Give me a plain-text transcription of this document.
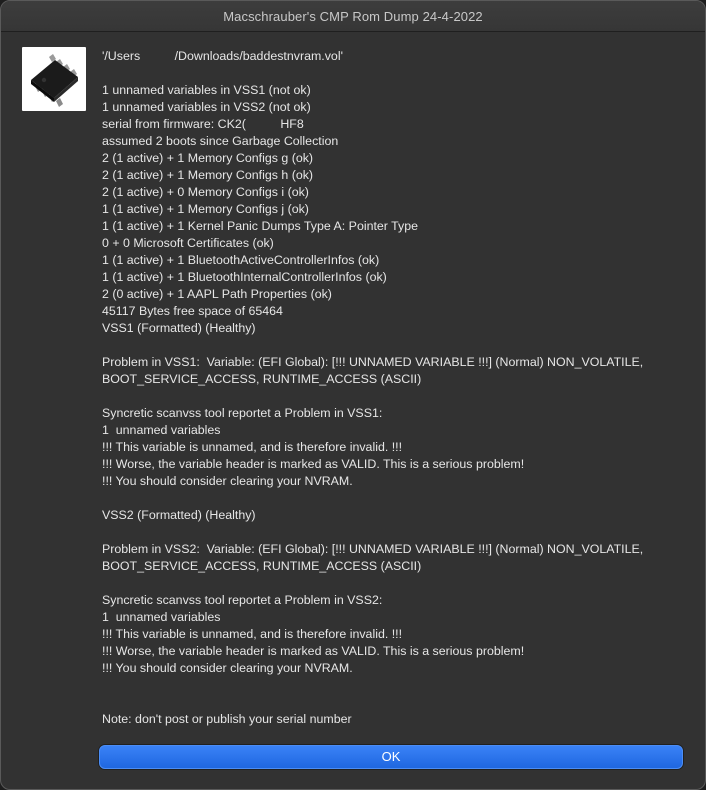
Macschrauber's CMP Rom Dump 24-4-2022
'/Users          /Downloads/baddestnvram.vol'
1 unnamed variables in VSS1 (not ok)
1 unnamed variables in VSS2 (not ok)
serial from firmware: CK2(          HF8
assumed 2 boots since Garbage Collection
2 (1 active) + 1 Memory Configs g (ok)
2 (1 active) + 1 Memory Configs h (ok)
2 (1 active) + 0 Memory Configs i (ok)
1 (1 active) + 1 Memory Configs j (ok)
1 (1 active) + 1 Kernel Panic Dumps Type A: Pointer Type
0 + 0 Microsoft Certificates (ok)
1 (1 active) + 1 BluetoothActiveControllerInfos (ok)
1 (1 active) + 1 BluetoothInternalControllerInfos (ok)
2 (0 active) + 1 AAPL Path Properties (ok)
45117 Bytes free space of 65464
VSS1 (Formatted) (Healthy)
Problem in VSS1:  Variable: (EFI Global): [!!! UNNAMED VARIABLE !!!] (Normal) NON_VOLATILE,
BOOT_SERVICE_ACCESS, RUNTIME_ACCESS (ASCII)
Syncretic scanvss tool reportet a Problem in VSS1:
1  unnamed variables
!!! This variable is unnamed, and is therefore invalid. !!!
!!! Worse, the variable header is marked as VALID. This is a serious problem!
!!! You should consider clearing your NVRAM.
VSS2 (Formatted) (Healthy)
Problem in VSS2:  Variable: (EFI Global): [!!! UNNAMED VARIABLE !!!] (Normal) NON_VOLATILE,
BOOT_SERVICE_ACCESS, RUNTIME_ACCESS (ASCII)
Syncretic scanvss tool reportet a Problem in VSS2:
1  unnamed variables
!!! This variable is unnamed, and is therefore invalid. !!!
!!! Worse, the variable header is marked as VALID. This is a serious problem!
!!! You should consider clearing your NVRAM.
Note: don't post or publish your serial number
OK
